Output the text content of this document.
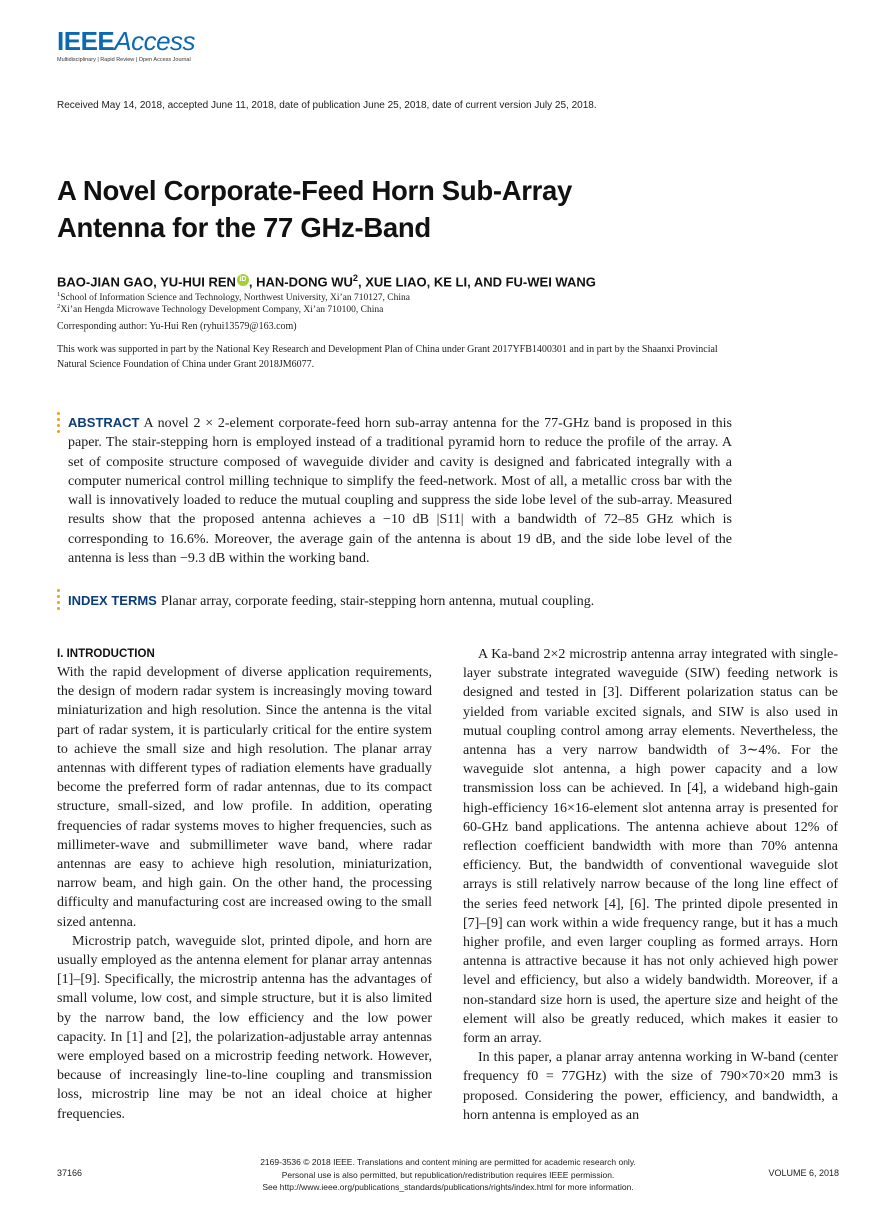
IEEEAccess
Multidisciplinary | Rapid Review | Open Access Journal
Received May 14, 2018, accepted June 11, 2018, date of publication June 25, 2018, date of current version July 25, 2018.
A Novel Corporate-Feed Horn Sub-Array
Antenna for the 77 GHz-Band
BAO-JIAN GAO, YU-HUI REN iD , HAN-DONG $WU^2$, XUE LIAO, KE LI, AND FU-WEI WANG
$^1$School of Information Science and Technology, Northwest University, Xi’an 710127, China
$^2$Xi’an Hengda Microwave Technology Development Company, Xi’an 710100, China
Corresponding author: Yu-Hui Ren (ryhui13579@163.com)
This work was supported in part by the National Key Research and Development Plan of China under Grant 2017YFB1400301 and in part by the Shaanxi Provincial Natural Science Foundation of China under Grant 2018JM6077.
ABSTRACT A novel 2 × 2-element corporate-feed horn sub-array antenna for the 77-GHz band is proposed in this paper. The stair-stepping horn is employed instead of a traditional pyramid horn to reduce the profile of the array. A set of composite structure composed of waveguide divider and cavity is designed and fabricated integrally with a computer numerical control milling technique to simplify the feed-network. Most of all, a metallic cross bar with the wall is innovatively loaded to reduce the mutual coupling and suppress the side lobe level of the sub-array. Measured results show that the proposed antenna achieves a −10 dB |S11| with a bandwidth of 72–85 GHz which is corresponding to 16.6%. Moreover, the average gain of the antenna is about 19 dB, and the side lobe level of the antenna is less than −9.3 dB within the working band.
INDEX TERMS Planar array, corporate feeding, stair-stepping horn antenna, mutual coupling.
I. INTRODUCTION

With the rapid development of diverse application requirements, the design of modern radar system is increasingly moving toward miniaturization and high resolution. Since the antenna is the vital part of radar system, it is particularly critical for the entire system to achieve the small size and high resolution. The planar array antennas with different types of radiation elements have gradually become the preferred form of radar antennas, due to its compact structure, small-sized, and low profile. In addition, operating frequencies of radar systems moves to higher frequencies, such as millimeter-wave and submillimeter wave band, where radar antennas are easy to achieve high resolution, miniaturization, narrow beam, and high gain. On the other hand, the processing difficulty and manufacturing cost are increased owing to the small sized antenna.

Microstrip patch, waveguide slot, printed dipole, and horn are usually employed as the antenna element for planar array antennas [1]–[9]. Specifically, the microstrip antenna has the advantages of small volume, low cost, and simple structure, but it is also limited by the narrow band, the low efficiency and the low power capacity. In [1] and [2], the polarization-adjustable array antennas were employed based on a microstrip feeding network. However, because of increasingly line-to-line coupling and transmission loss, microstrip line may be not an ideal choice at higher frequencies.

A Ka-band 2×2 microstrip antenna array integrated with single-layer substrate integrated waveguide (SIW) feeding network is designed and tested in [3]. Different polarization status can be yielded from variable excited signals, and SIW is also used in mutual coupling control among array elements. Nevertheless, the antenna has a very narrow bandwidth of 3∼4%. For the waveguide slot antenna, a high power capacity and a low transmission loss can be achieved. In [4], a wideband high-gain high-efficiency 16×16-element slot antenna array is presented for 60-GHz band applications. The antenna achieve about 12% of reflection coefficient bandwidth with more than 70% antenna efficiency. But, the bandwidth of conventional waveguide slot arrays is still relatively narrow because of the long line effect of the series feed network [4], [6]. The printed dipole presented in [7]–[9] can work within a wide frequency range, but it has a much higher profile, and even larger coupling as formed arrays. Horn antenna is attractive because it has not only achieved high power level and efficiency, but also a widely bandwidth. Moreover, if a non-standard size horn is used, the aperture size and height of the element will also be greatly reduced, which makes it easier to form an array.

In this paper, a planar array antenna working in W-band (center frequency f0 = 77GHz) with the size of 790×70×20 mm3 is proposed. Considering the power, efficiency, and bandwidth, a horn antenna is employed as an

2169-3536 © 2018 IEEE. Translations and content mining are permitted for academic research only.
Personal use is also permitted, but republication/redistribution requires IEEE permission.
See http://www.ieee.org/publications_standards/publications/rights/index.html for more information.
37166	VOLUME 6, 2018
